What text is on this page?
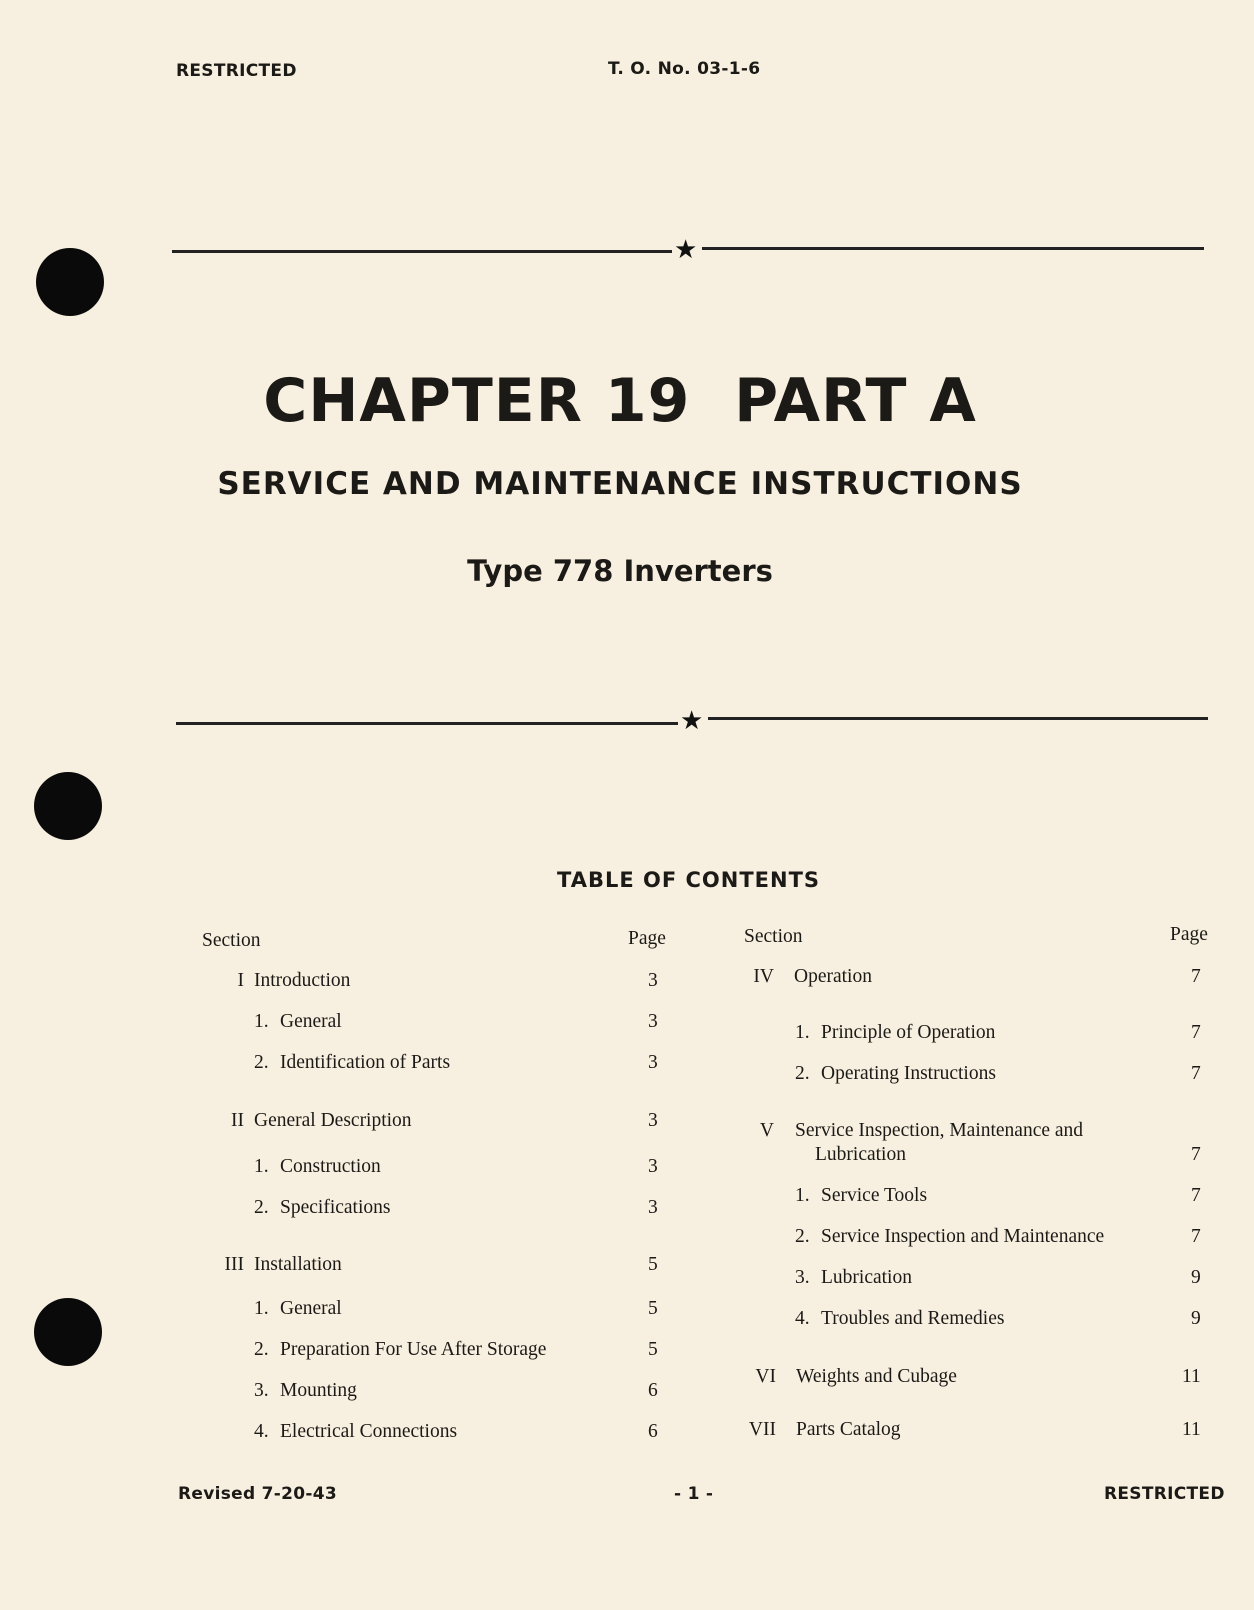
RESTRICTED	T. O. No. 03-1-6
★
CHAPTER 19  PART A
SERVICE AND MAINTENANCE INSTRUCTIONS
Type 778 Inverters
★
TABLE OF CONTENTS
Section	Page	Section	Page
I Introduction	3
1. General	3
2. Identification of Parts	3
II General Description	3
1. Construction	3
2. Specifications	3
III Installation	5
1. General	5
2. Preparation For Use After Storage	5
3. Mounting	6
4. Electrical Connections	6
IV Operation	7
1. Principle of Operation	7
2. Operating Instructions	7
V Service Inspection, Maintenance and
Lubrication	7
1. Service Tools	7
2. Service Inspection and Maintenance	7
3. Lubrication	9
4. Troubles and Remedies	9
VI Weights and Cubage	11
VII Parts Catalog	11
Revised 7-20-43	- 1 -	RESTRICTED
